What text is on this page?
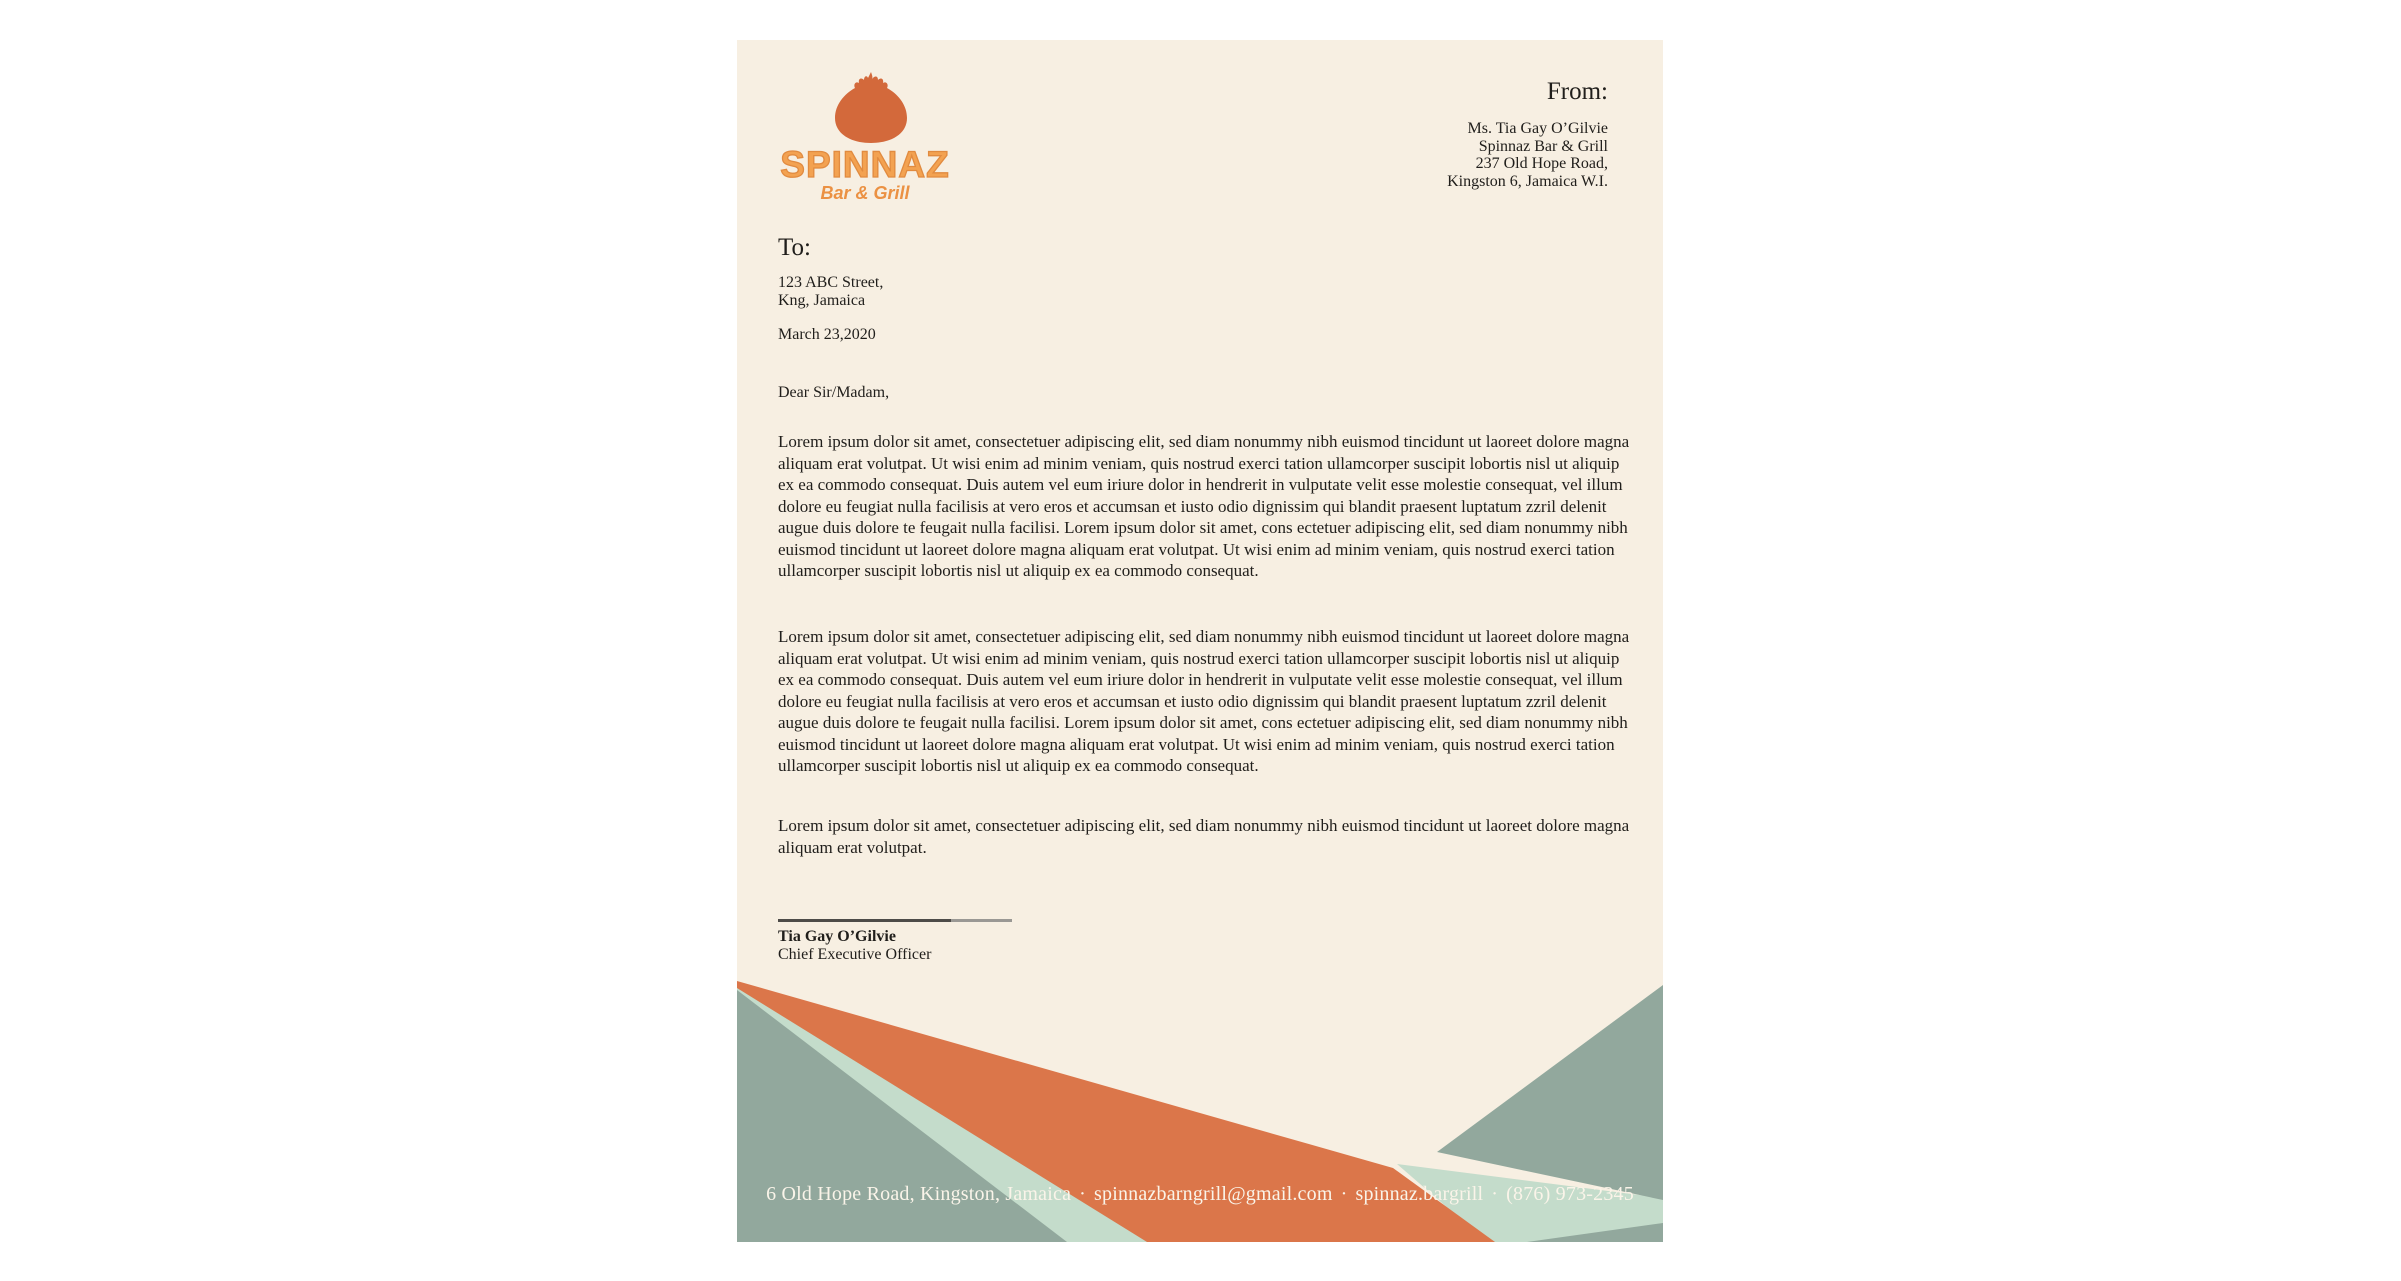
SPINNAZ
Bar & Grill
From:
Ms. Tia Gay O’Gilvie
Spinnaz Bar & Grill
237 Old Hope Road,
Kingston 6, Jamaica W.I.
To:
123 ABC Street,
Kng, Jamaica
March 23,2020
Dear Sir/Madam,
Lorem ipsum dolor sit amet, consectetuer adipiscing elit, sed diam nonummy nibh euismod tincidunt ut laoreet dolore magna aliquam erat volutpat. Ut wisi enim ad minim veniam, quis nostrud exerci tation ullamcorper suscipit lobortis nisl ut aliquip ex ea commodo consequat. Duis autem vel eum iriure dolor in hendrerit in vulputate velit esse molestie consequat, vel illum dolore eu feugiat nulla facilisis at vero eros et accumsan et iusto odio dignissim qui blandit praesent luptatum zzril delenit augue duis dolore te feugait nulla facilisi. Lorem ipsum dolor sit amet, cons ectetuer adipiscing elit, sed diam nonummy nibh euismod tincidunt ut laoreet dolore magna aliquam erat volutpat. Ut wisi enim ad minim veniam, quis nostrud exerci tation ullamcorper suscipit lobortis nisl ut aliquip ex ea commodo consequat.
Lorem ipsum dolor sit amet, consectetuer adipiscing elit, sed diam nonummy nibh euismod tincidunt ut laoreet dolore magna aliquam erat volutpat. Ut wisi enim ad minim veniam, quis nostrud exerci tation ullamcorper suscipit lobortis nisl ut aliquip ex ea commodo consequat. Duis autem vel eum iriure dolor in hendrerit in vulputate velit esse molestie consequat, vel illum dolore eu feugiat nulla facilisis at vero eros et accumsan et iusto odio dignissim qui blandit praesent luptatum zzril delenit augue duis dolore te feugait nulla facilisi. Lorem ipsum dolor sit amet, cons ectetuer adipiscing elit, sed diam nonummy nibh euismod tincidunt ut laoreet dolore magna aliquam erat volutpat. Ut wisi enim ad minim veniam, quis nostrud exerci tation ullamcorper suscipit lobortis nisl ut aliquip ex ea commodo consequat.
Lorem ipsum dolor sit amet, consectetuer adipiscing elit, sed diam nonummy nibh euismod tincidunt ut laoreet dolore magna aliquam erat volutpat.
Tia Gay O’Gilvie
Chief Executive Officer
6 Old Hope Road, Kingston, Jamaica · spinnazbarngrill@gmail.com · spinnaz.bargrill · (876) 973-2345
